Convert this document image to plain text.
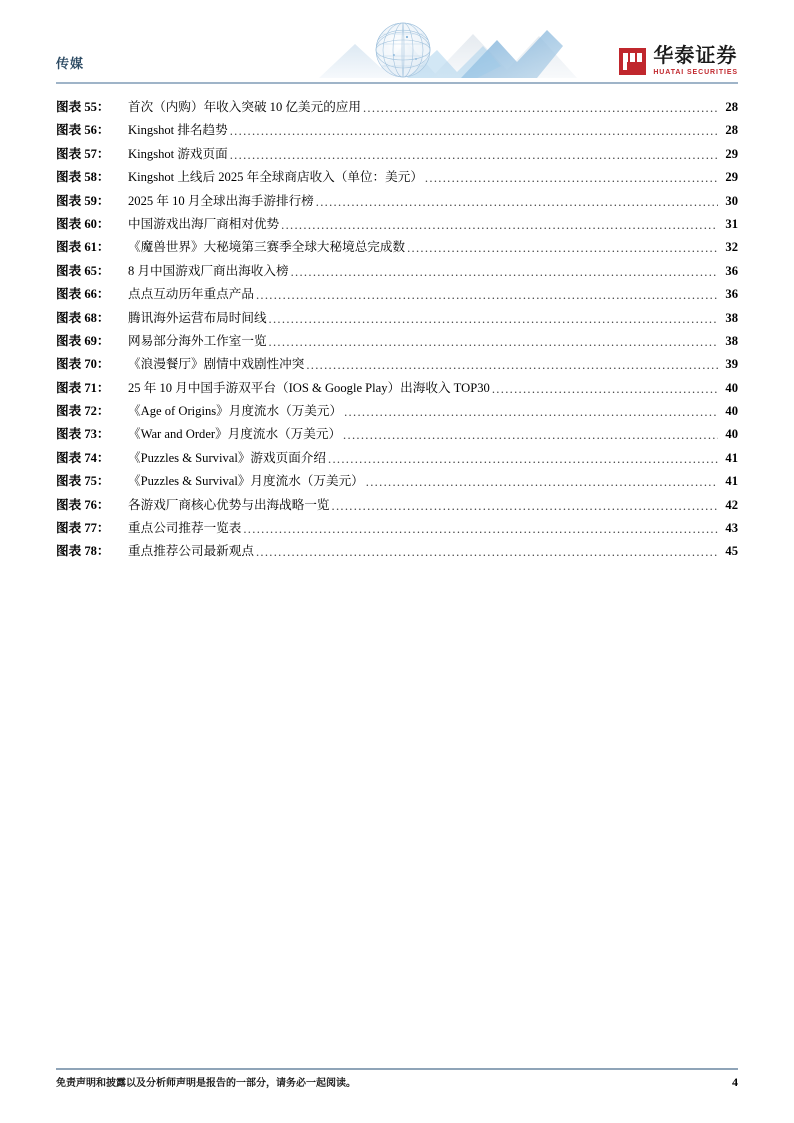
传媒	华泰证券
HUATAI SECURITIES
图表 55：	首次（内购）年收入突破 10 亿美元的应用 .....	28
图表 56：	Kingshot 排名趋势 .....	28
图表 57：	Kingshot 游戏页面 .....	29
图表 58：	Kingshot 上线后 2025 年全球商店收入（单位：美元） .....	29
图表 59：	2025 年 10 月全球出海手游排行榜 .....	30
图表 60：	中国游戏出海厂商相对优势 .....	31
图表 61：	《魔兽世界》大秘境第三赛季全球大秘境总完成数 .....	32
图表 65：	8 月中国游戏厂商出海收入榜 .....	36
图表 66：	点点互动历年重点产品 .....	36
图表 68：	腾讯海外运营布局时间线 .....	38
图表 69：	网易部分海外工作室一览 .....	38
图表 70：	《浪漫餐厅》剧情中戏剧性冲突 .....	39
图表 71：	25 年 10 月中国手游双平台（IOS & Google Play）出海收入 TOP30 .....	40
图表 72：	《Age of Origins》月度流水（万美元） .....	40
图表 73：	《War and Order》月度流水（万美元） .....	40
图表 74：	《Puzzles & Survival》游戏页面介绍 .....	41
图表 75：	《Puzzles & Survival》月度流水（万美元） .....	41
图表 76：	各游戏厂商核心优势与出海战略一览 .....	42
图表 77：	重点公司推荐一览表 .....	43
图表 78：	重点推荐公司最新观点 .....	45
免责声明和披露以及分析师声明是报告的一部分，请务必一起阅读。	4
